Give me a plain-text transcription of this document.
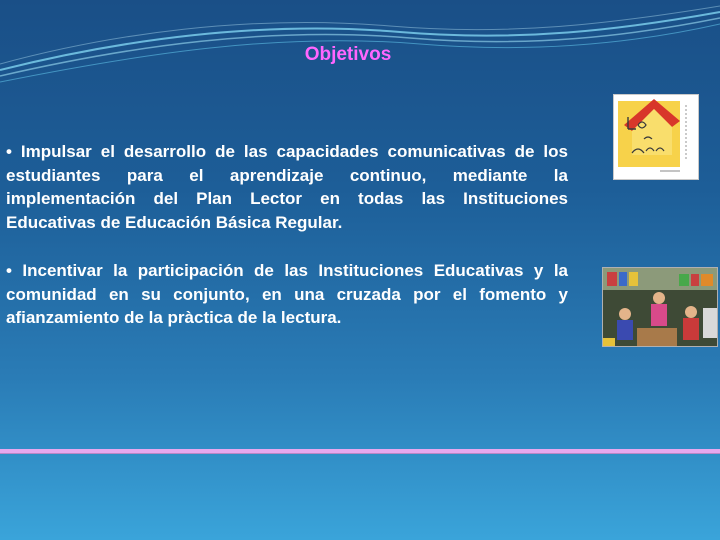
Objetivos

• Impulsar el desarrollo de las capacidades comunicativas de los estudiantes para el aprendizaje continuo, mediante la implementación del Plan Lector en todas las Instituciones Educativas de Educación Básica Regular.

• Incentivar la participación de las Instituciones Educativas y la comunidad en su conjunto, en una cruzada por el fomento y afianzamiento de la pràctica de la lectura.
